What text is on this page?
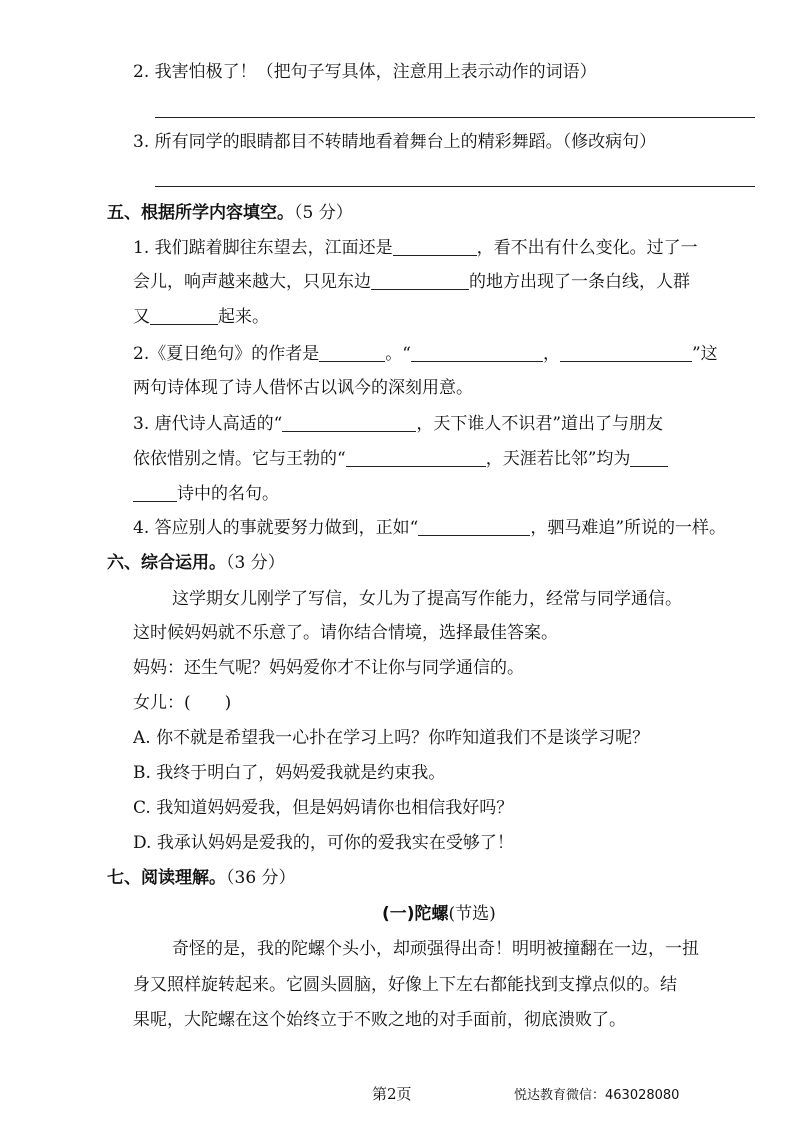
2. 我害怕极了！（把句子写具体，注意用上表示动作的词语）
3. 所有同学的眼睛都目不转睛地看着舞台上的精彩舞蹈。（修改病句）
五、根据所学内容填空。（5 分）
1. 我们踮着脚往东望去，江面还是	，看不出有什么变化。过了一
会儿，响声越来越大，只见东边	的地方出现了一条白线，人群
又	起来。
2.《夏日绝句》的作者是	。“	，	”这
两句诗体现了诗人借怀古以讽今的深刻用意。
3. 唐代诗人高适的“	，天下谁人不识君”道出了与朋友
依依惜别之情。它与王勃的“	，天涯若比邻”均为
诗中的名句。
4. 答应别人的事就要努力做到，正如“	，驷马难追”所说的一样。
六、综合运用。（3 分）
这学期女儿刚学了写信，女儿为了提高写作能力，经常与同学通信。
这时候妈妈就不乐意了。请你结合情境，选择最佳答案。
妈妈：还生气呢？妈妈爱你才不让你与同学通信的。
女儿：(　　)
A. 你不就是希望我一心扑在学习上吗？你咋知道我们不是谈学习呢？
B. 我终于明白了，妈妈爱我就是约束我。
C. 我知道妈妈爱我，但是妈妈请你也相信我好吗？
D. 我承认妈妈是爱我的，可你的爱我实在受够了！
七、阅读理解。（36 分）
(一)陀螺(节选)
奇怪的是，我的陀螺个头小，却顽强得出奇！明明被撞翻在一边，一扭
身又照样旋转起来。它圆头圆脑，好像上下左右都能找到支撑点似的。结
果呢，大陀螺在这个始终立于不败之地的对手面前，彻底溃败了。
第2页	悦达教育微信：463028080
